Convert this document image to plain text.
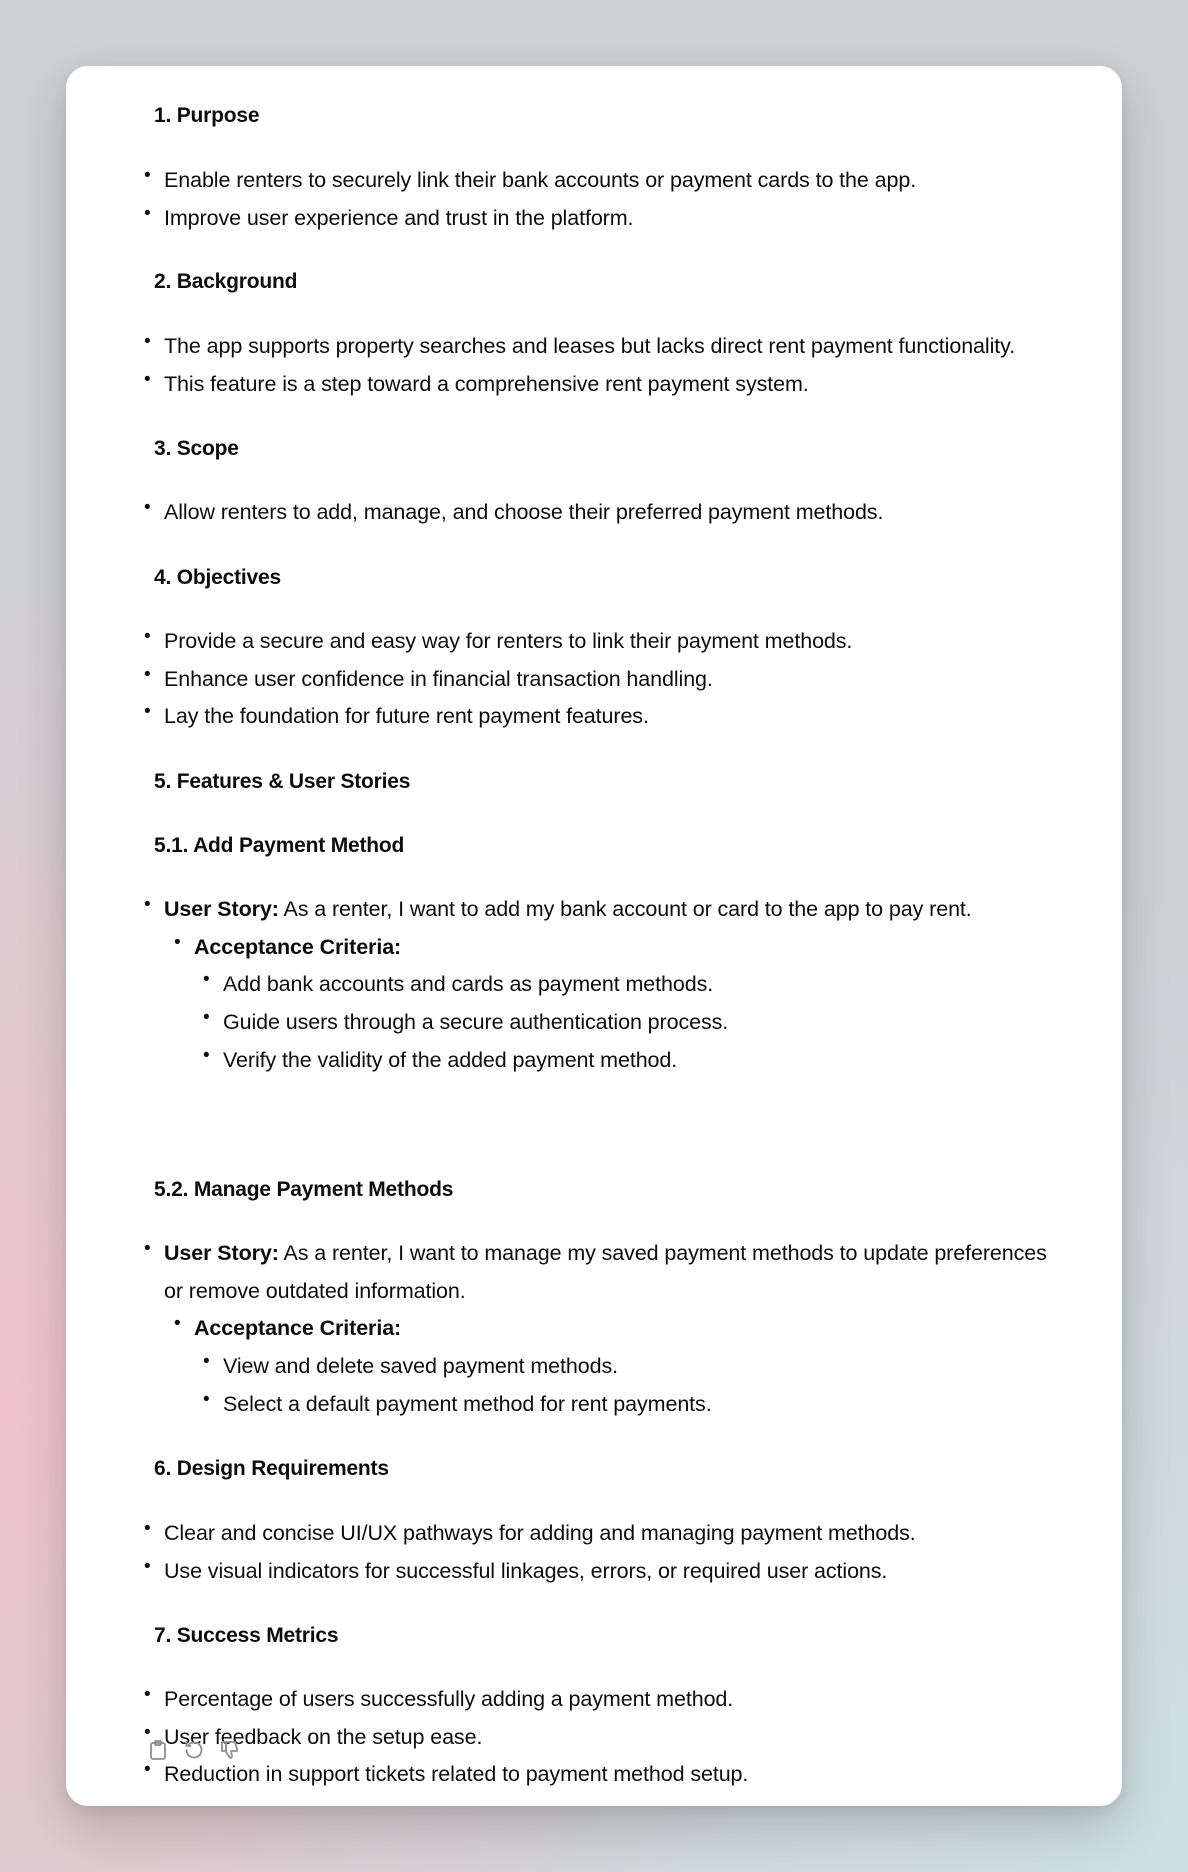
1. Purpose
• Enable renters to securely link their bank accounts or payment cards to the app.
• Improve user experience and trust in the platform.
2. Background
• The app supports property searches and leases but lacks direct rent payment functionality.
• This feature is a step toward a comprehensive rent payment system.
3. Scope
• Allow renters to add, manage, and choose their preferred payment methods.
4. Objectives
• Provide a secure and easy way for renters to link their payment methods.
• Enhance user confidence in financial transaction handling.
• Lay the foundation for future rent payment features.
5. Features & User Stories
5.1. Add Payment Method
• User Story: As a renter, I want to add my bank account or card to the app to pay rent.
• Acceptance Criteria:
• Add bank accounts and cards as payment methods.
• Guide users through a secure authentication process.
• Verify the validity of the added payment method.
5.2. Manage Payment Methods
• User Story: As a renter, I want to manage my saved payment methods to update preferences or remove outdated information.
• Acceptance Criteria:
• View and delete saved payment methods.
• Select a default payment method for rent payments.
6. Design Requirements
• Clear and concise UI/UX pathways for adding and managing payment methods.
• Use visual indicators for successful linkages, errors, or required user actions.
7. Success Metrics
• Percentage of users successfully adding a payment method.
• User feedback on the setup ease.
• Reduction in support tickets related to payment method setup.
